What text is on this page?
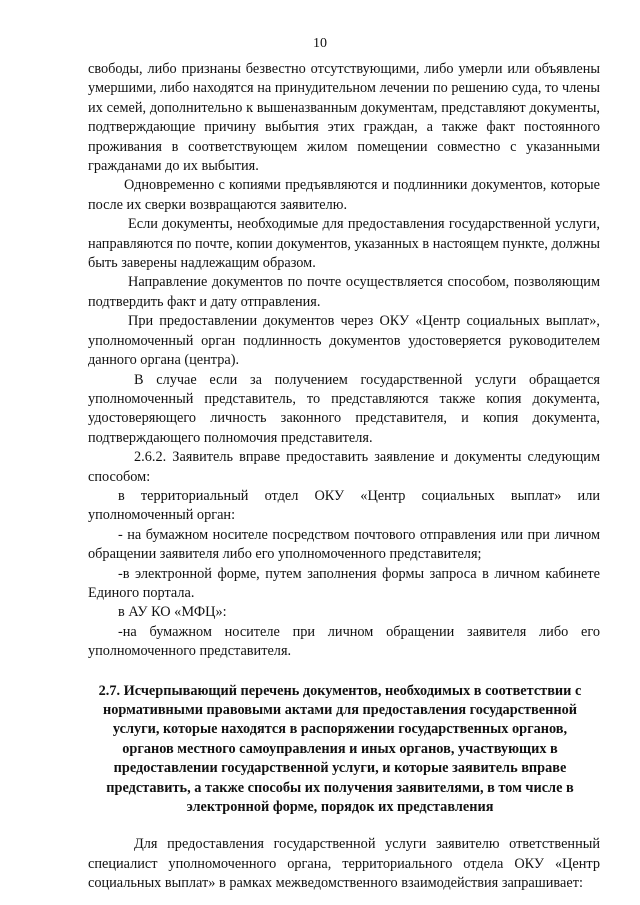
10

свободы, либо признаны безвестно отсутствующими, либо умерли или объявлены умершими, либо находятся на принудительном лечении по решению суда, то члены их семей, дополнительно к вышеназванным документам, представляют документы, подтверждающие причину выбытия этих граждан, а также факт постоянного проживания в соответствующем жилом помещении совместно с указанными гражданами до их выбытия.

Одновременно с копиями предъявляются и подлинники документов, которые после их сверки возвращаются заявителю.

Если документы, необходимые для предоставления государственной услуги, направляются по почте, копии документов, указанных в настоящем пункте, должны быть заверены надлежащим образом.

Направление документов по почте осуществляется способом, позволяющим подтвердить факт и дату отправления.

При предоставлении документов через ОКУ «Центр социальных выплат», уполномоченный орган подлинность документов удостоверяется руководителем данного органа (центра).

В случае если за получением государственной услуги обращается уполномоченный представитель, то представляются также копия документа, удостоверяющего личность законного представителя, и копия документа, подтверждающего полномочия представителя.

2.6.2. Заявитель вправе предоставить заявление и документы следующим способом:

в территориальный отдел ОКУ «Центр социальных выплат» или уполномоченный орган:

- на бумажном носителе посредством почтового отправления или при личном обращении заявителя либо его уполномоченного представителя;

-в электронной форме, путем заполнения формы запроса в личном кабинете Единого портала.

в АУ КО «МФЦ»:

-на бумажном носителе при личном обращении заявителя либо его уполномоченного представителя.

2.7. Исчерпывающий перечень документов, необходимых в соответствии с нормативными правовыми актами для предоставления государственной услуги, которые находятся в распоряжении государственных органов, органов местного самоуправления и иных органов, участвующих в предоставлении государственной услуги, и которые заявитель вправе представить, а также способы их получения заявителями, в том числе в электронной форме, порядок их представления

Для предоставления государственной услуги заявителю ответственный специалист уполномоченного органа, территориального отдела ОКУ «Центр социальных выплат» в рамках межведомственного взаимодействия запрашивает:
